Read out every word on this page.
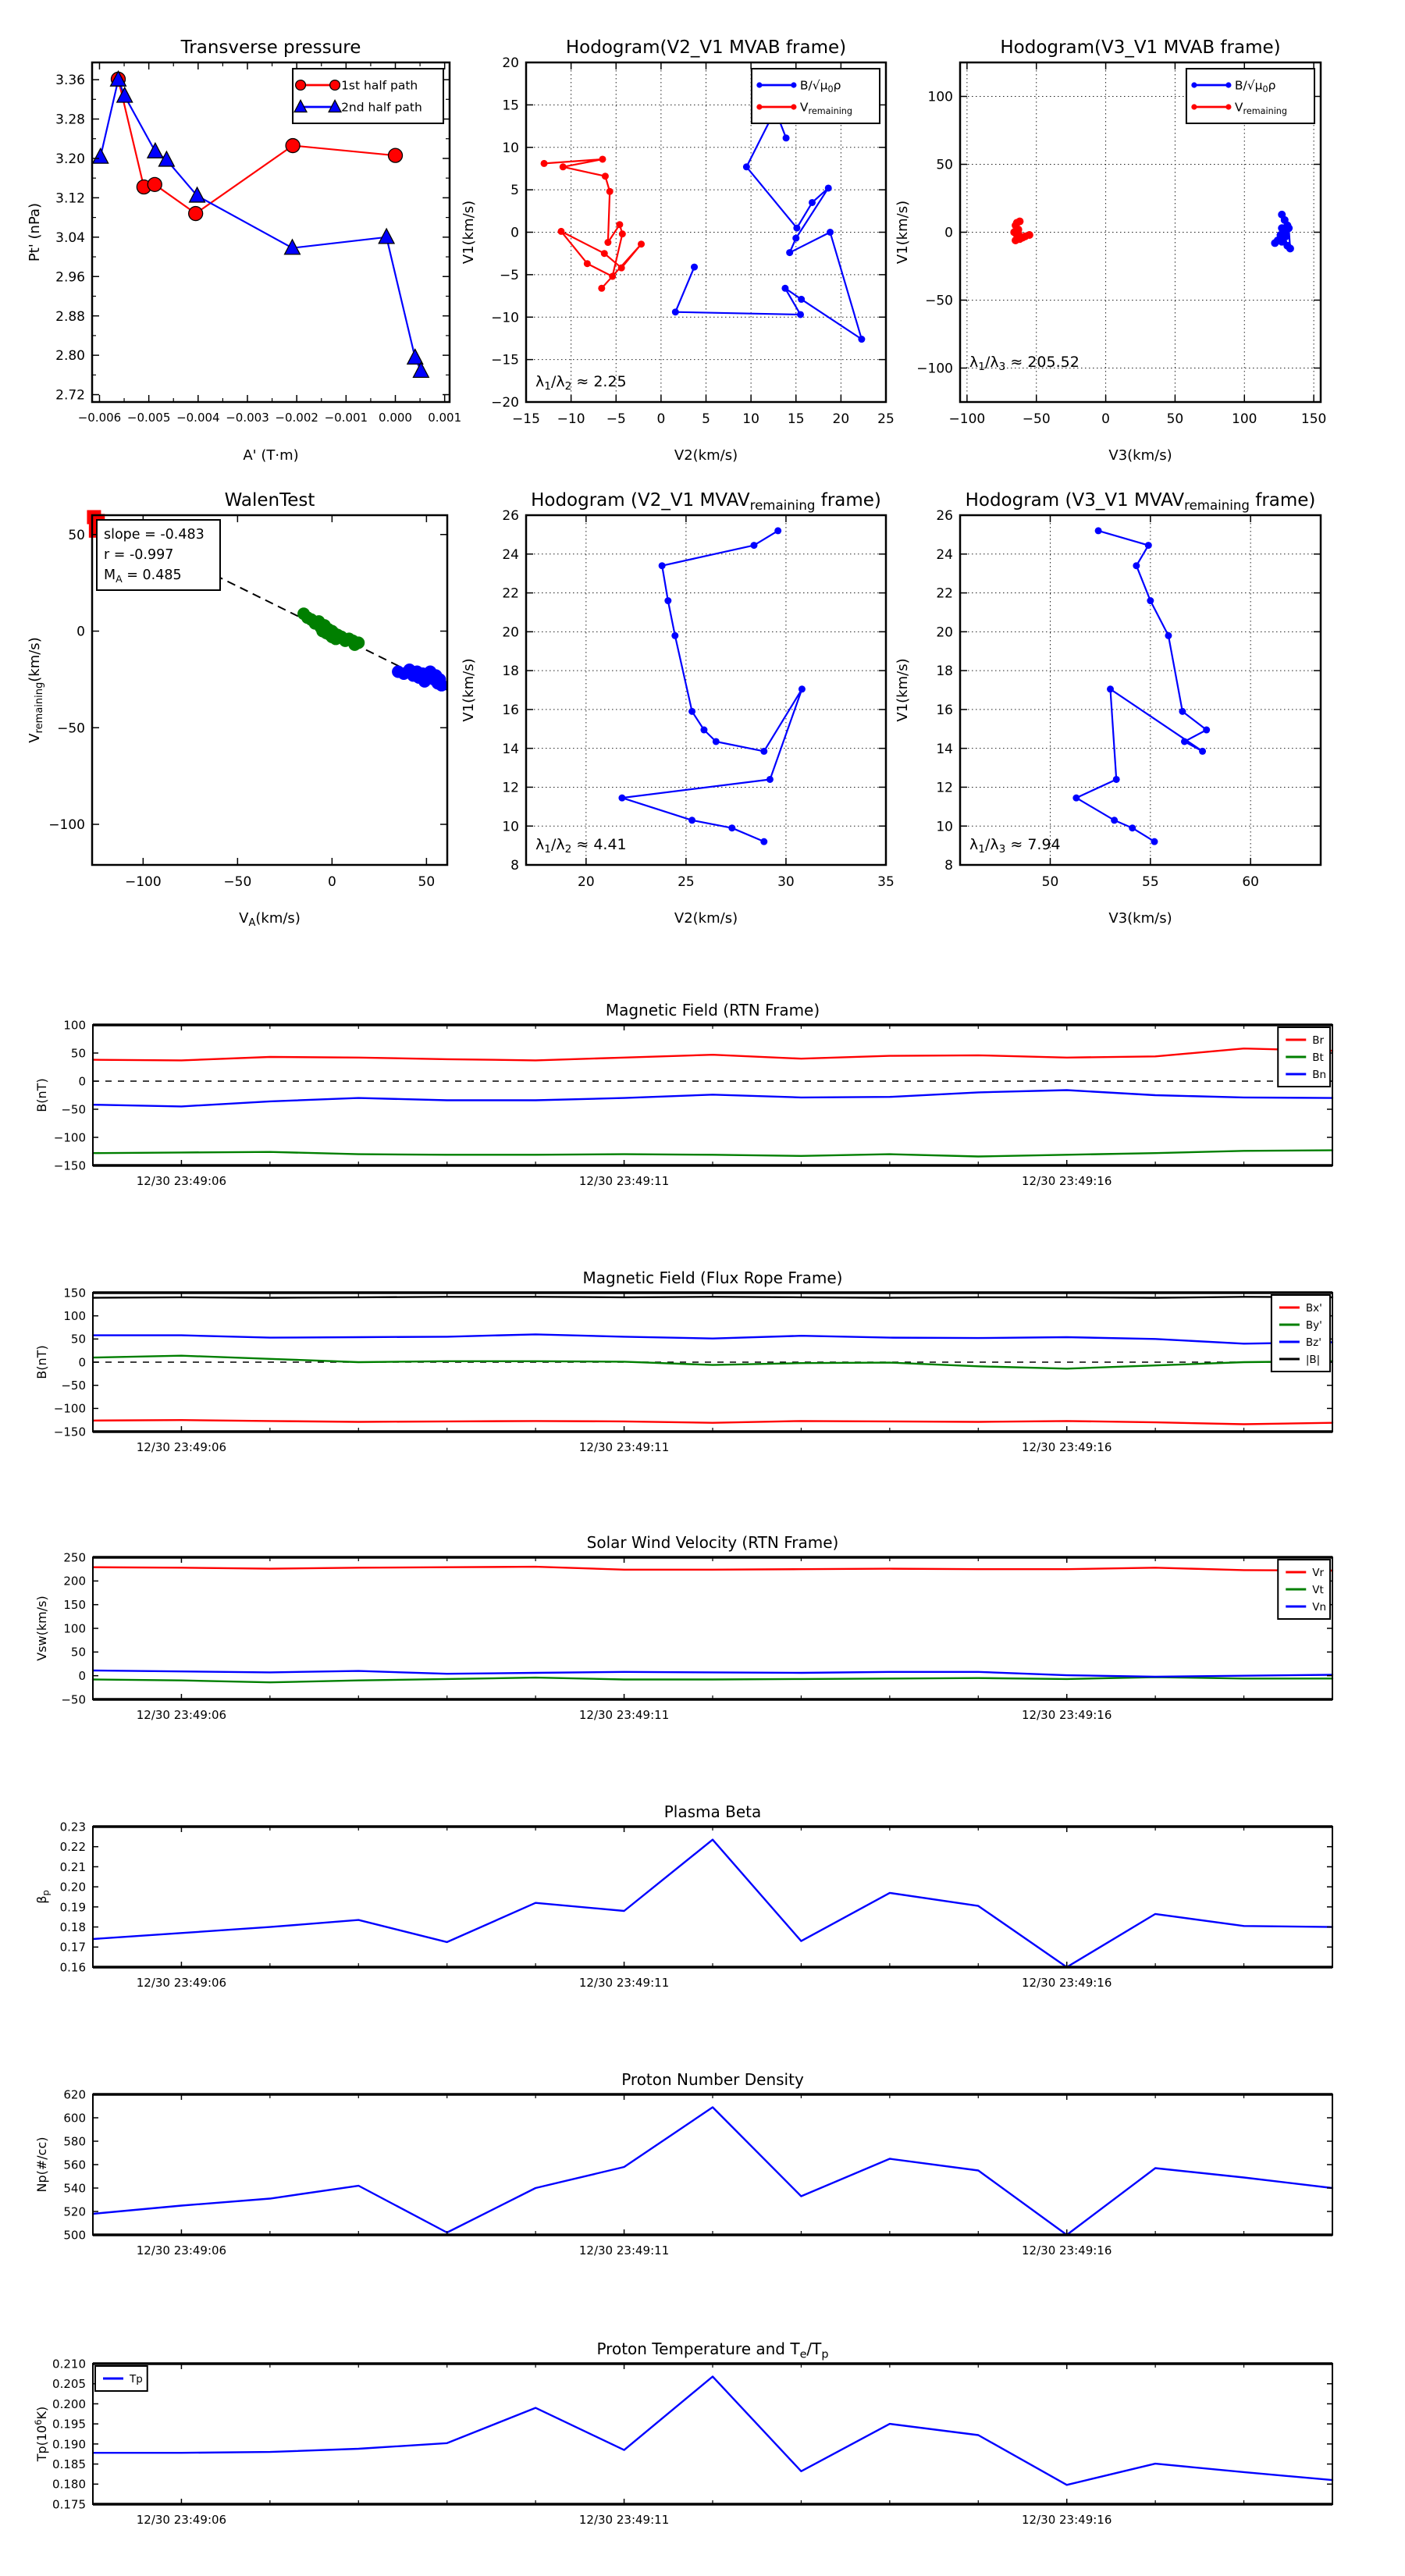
−0.006 −0.005 −0.004 −0.003 −0.002 −0.001 0.000 0.001
2.72
2.80
2.88
2.96
3.04
3.12
3.20
3.28
3.36
Transverse pressure
A' (T·m)
Pt' (nPa)
1st half path
2nd half path
−15 −10 −5 0	5 10 15 20 25
−20
−15
−10
−5
0
5
10
15
20
Hodogram(V2_V1 MVAB frame)
V2(km/s)
V1(km/s)
$\lambda_1/\lambda_2 \approx 2.25$
$B/√\mu_0\rho$
$V_{remaining}$
−100	−50	0	50	100	150
−100
−50
0
50
100
Hodogram(V3_V1 MVAB frame)
V3(km/s)
V1(km/s)
$\lambda_1/\lambda_3 \approx 205.52$
$B/√\mu_0\rho$
$V_{remaining}$
−100	−50	0	50
−100
−50
0
50
WalenTest
$V_A(km/s)$
$V_{remaining}(km/s)$
slope = -0.483
r = -0.997
$M_A = 0.485$
20	25	30	35
8
10
12
14
16
18
20
22
24
26
Hodogram (V2_V1 $MVAV_{remaining}$ frame)
V2(km/s)
V1(km/s)
$\lambda_1/\lambda_2 \approx 4.41$
50	55	60
8
10
12
14
16
18
20
22
24
26
Hodogram (V3_V1 $MVAV_{remaining}$ frame)
V3(km/s)
V1(km/s)
$\lambda_1/\lambda_3 \approx 7.94$
12/30 23:49:06	12/30 23:49:11	12/30 23:49:16
−150
−100
−50
0
50
100
Magnetic Field (RTN Frame)
B(nT)
Br
Bt
Bn
12/30 23:49:06	12/30 23:49:11	12/30 23:49:16
−150
−100
−50
0
50
100
150
Magnetic Field (Flux Rope Frame)
B(nT)
Bx'
By'
Bz'
|B|
12/30 23:49:06	12/30 23:49:11	12/30 23:49:16
−50
0
50
100
150
200
250
Solar Wind Velocity (RTN Frame)
Vsw(km/s)
Vr
Vt
Vn
12/30 23:49:06	12/30 23:49:11	12/30 23:49:16
0.16
0.17
0.18
0.19
0.20
0.21
0.22
0.23
Plasma Beta
$\beta_p$
12/30 23:49:06	12/30 23:49:11	12/30 23:49:16
500
520
540
560
580
600
620
Proton Number Density
Np(#/cc)
12/30 23:49:06	12/30 23:49:11	12/30 23:49:16
0.175
0.180
0.185
0.190
0.195
0.200
0.205
0.210
Proton Temperature and $T_e/T_p$
$Tp(10^6K)$
Tp
